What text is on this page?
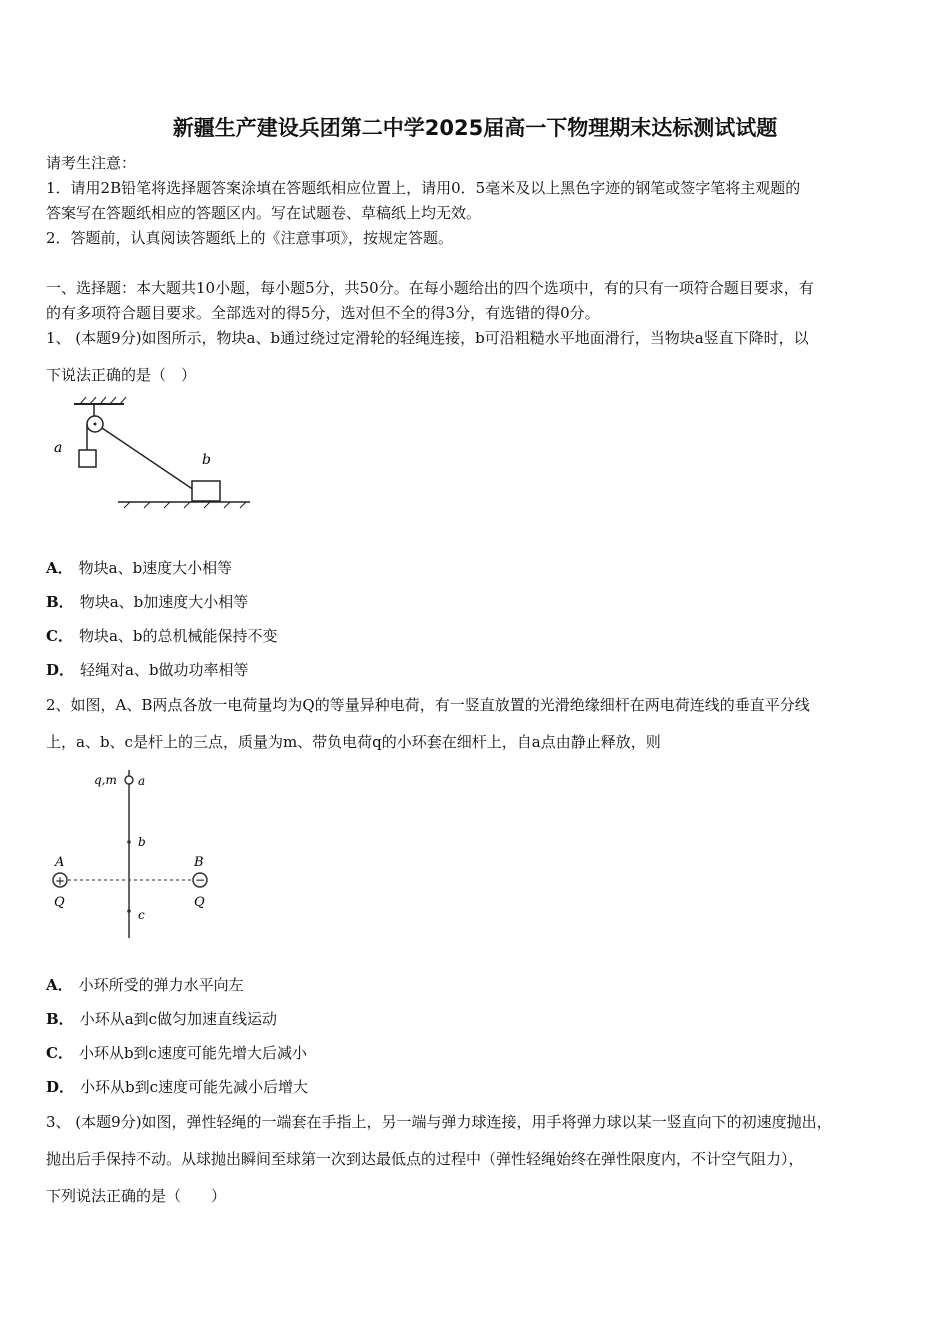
新疆生产建设兵团第二中学2025届高一下物理期末达标测试试题
请考生注意：
1．请用2B铅笔将选择题答案涂填在答题纸相应位置上，请用0．5毫米及以上黑色字迹的钢笔或签字笔将主观题的
答案写在答题纸相应的答题区内。写在试题卷、草稿纸上均无效。
2．答题前，认真阅读答题纸上的《注意事项》，按规定答题。
一、选择题：本大题共10小题，每小题5分，共50分。在每小题给出的四个选项中，有的只有一项符合题目要求，有
的有多项符合题目要求。全部选对的得5分，选对但不全的得3分，有选错的得0分。
1、 (本题9分)如图所示，物块a、b通过绕过定滑轮的轻绳连接，b可沿粗糙水平地面滑行，当物块a竖直下降时，以
下说法正确的是（　）
a
b
A． 物块a、b速度大小相等
B． 物块a、b加速度大小相等
C． 物块a、b的总机械能保持不变
D． 轻绳对a、b做功功率相等
2、如图，A、B两点各放一电荷量均为Q的等量异种电荷，有一竖直放置的光滑绝缘细杆在两电荷连线的垂直平分线
上，a、b、c是杆上的三点，质量为m、带负电荷q的小环套在细杆上，自a点由静止释放，则
q,m a
b
c
+
A
Q
−
B
Q
A． 小环所受的弹力水平向左
B． 小环从a到c做匀加速直线运动
C． 小环从b到c速度可能先增大后减小
D． 小环从b到c速度可能先减小后增大
3、 (本题9分)如图，弹性轻绳的一端套在手指上，另一端与弹力球连接，用手将弹力球以某一竖直向下的初速度抛出，
抛出后手保持不动。从球抛出瞬间至球第一次到达最低点的过程中（弹性轻绳始终在弹性限度内，不计空气阻力），
下列说法正确的是（　　）
